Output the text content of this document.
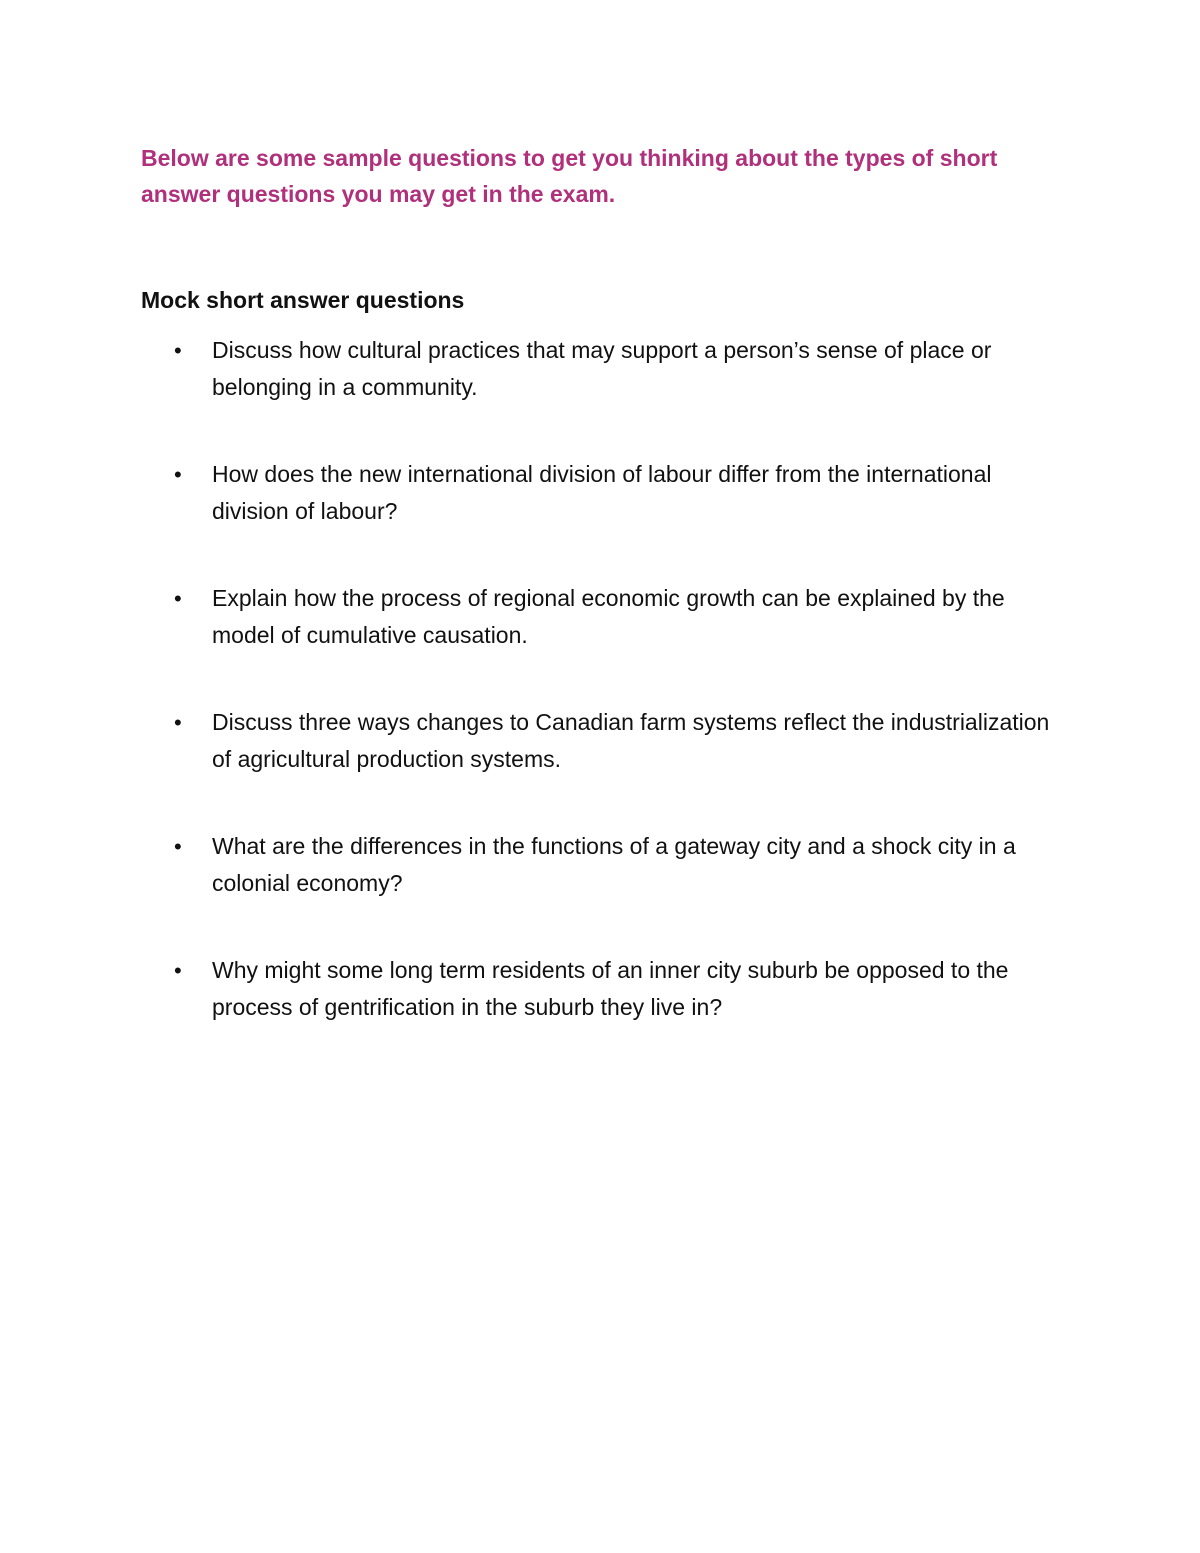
Below are some sample questions to get you thinking about the types of short answer questions you may get in the exam.

Mock short answer questions
• Discuss how cultural practices that may support a person’s sense of place or belonging in a community.
• How does the new international division of labour differ from the international division of labour?
• Explain how the process of regional economic growth can be explained by the model of cumulative causation.
• Discuss three ways changes to Canadian farm systems reflect the industrialization of agricultural production systems.
• What are the differences in the functions of a gateway city and a shock city in a colonial economy?
• Why might some long term residents of an inner city suburb be opposed to the process of gentrification in the suburb they live in?
